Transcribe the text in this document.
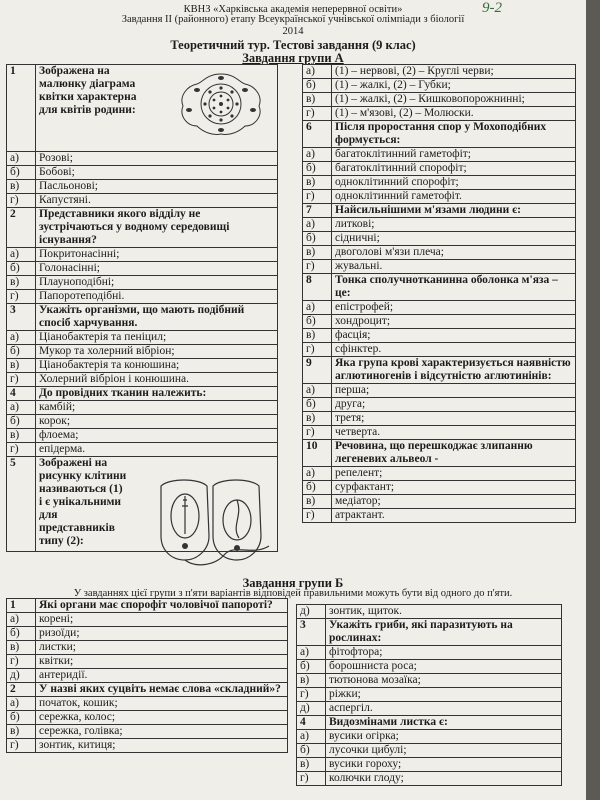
КВНЗ «Харківська академія неперервної освіти»
Завдання ІІ (районного) етапу Всеукраїнської учнівської олімпіади з біології
2014
Теоретичний тур. Тестові завдання (9 клас)
Завдання групи А
9-2
1	Зображена на малюнку діаграма квітки характерна для квітів родини:
а)	Розові;
б)	Бобові;
в)	Пасльонові;
г)	Капустяні.
2	Представники якого відділу не зустрічаються у водному середовищі існування?
а)	Покритонасінні;
б)	Голонасінні;
в)	Плауноподібні;
г)	Папоротеподібні.
3	Укажіть організми, що мають подібний спосіб харчування.
а)	Ціанобактерія та пеніцил;
б)	Мукор та холерний вібріон;
в)	Ціанобактерія та конюшина;
г)	Холерний вібріон і конюшина.
4	До провідних тканин належить:
а)	камбій;
б)	корок;
в)	флоема;
г)	епідерма.
5	Зображені на рисунку клітини називаються (1) і є унікальними для представників типу (2):
а)	(1) – нервові, (2) – Круглі черви;
б)	(1) – жалкі, (2) – Губки;
в)	(1) – жалкі, (2) – Кишковопорожнинні;
г)	(1) – м'язові, (2) – Молюски.
6	Після проростання спор у Мохоподібних формується:
а)	багатоклітинний гаметофіт;
б)	багатоклітинний спорофіт;
в)	одноклітинний спорофіт;
г)	одноклітинний гаметофіт.
7	Найсильнішими м'язами людини є:
а)	литкові;
б)	сідничні;
в)	двоголові м'язи плеча;
г)	жувальні.
8	Тонка сполучнотканинна оболонка м'яза – це:
а)	епістрофей;
б)	хондроцит;
в)	фасція;
г)	сфінктер.
9	Яка група крові характеризується наявністю аглютиногенів і відсутністю аглютинінів:
а)	перша;
б)	друга;
в)	третя;
г)	четверта.
10	Речовина, що перешкоджає злипанню легеневих альвеол -
а)	репелент;
б)	сурфактант;
в)	медіатор;
г)	атрактант.
Завдання групи Б
У завданнях цієї групи з п'яти варіантів відповідей правильними можуть бути від одного до п'яти.
1	Які органи має спорофіт чоловічої папороті?
а)	корені;
б)	ризоїди;
в)	листки;
г)	квітки;
д)	антеридії.
2	У назві яких суцвіть немає слова «складний»?
а)	початок, кошик;
б)	сережка, колос;
в)	сережка, голівка;
г)	зонтик, китиця;
д)	зонтик, щиток.
3	Укажіть гриби, які паразитують на рослинах:
а)	фітофтора;
б)	борошниста роса;
в)	тютюнова мозаїка;
г)	ріжки;
д)	аспергіл.
4	Видозмінами листка є:
а)	вусики огірка;
б)	лусочки цибулі;
в)	вусики гороху;
г)	колючки глоду;
